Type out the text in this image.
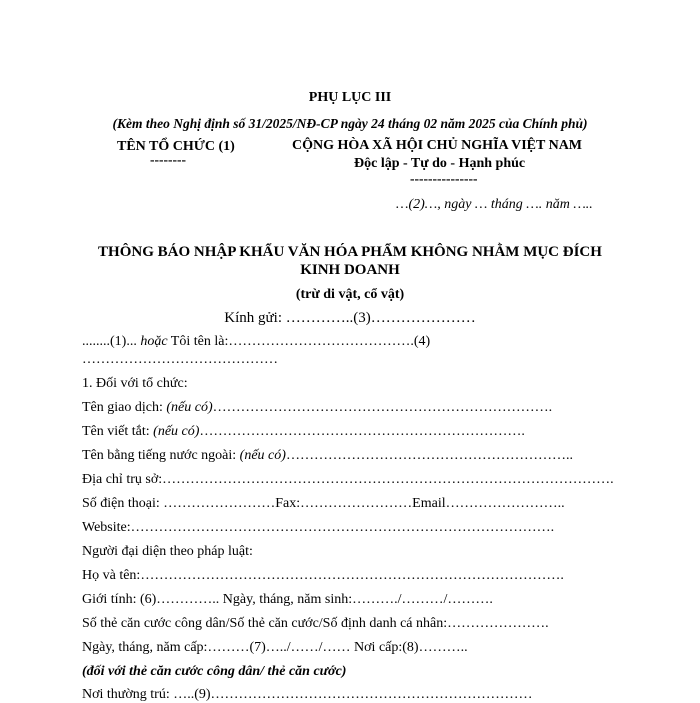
PHỤ LỤC III
(Kèm theo Nghị định số 31/2025/NĐ-CP ngày 24 tháng 02 năm 2025 của Chính phủ)
TÊN TỔ CHỨC (1)
--------
CỘNG HÒA XÃ HỘI CHỦ NGHĨA VIỆT NAM
Độc lập - Tự do - Hạnh phúc
---------------
…(2)…, ngày … tháng …. năm …..
THÔNG BÁO NHẬP KHẨU VĂN HÓA PHẨM KHÔNG NHẰM MỤC ĐÍCH
KINH DOANH
(trừ di vật, cổ vật)
Kính gửi: …………..(3)…………………
........(1)... hoặc Tôi tên là:………………………………….(4)
……………………………………
1. Đối với tổ chức:
Tên giao dịch: (nếu có)……………………………………………………………….
Tên viết tắt: (nếu có)…………………………………………………………….
Tên bằng tiếng nước ngoài: (nếu có)……………………………………………………..
Địa chỉ trụ sở:…………………………………………………………………………………….
Số điện thoại: ……………………Fax:……………………Email……………………..
Website:……………………………………………………………………………….
Người đại diện theo pháp luật:
Họ và tên:……………………………………………………………………………….
Giới tính: (6)………….. Ngày, tháng, năm sinh:………./………/……….
Số thẻ căn cước công dân/Số thẻ căn cước/Số định danh cá nhân:………………….
Ngày, tháng, năm cấp:………(7)…../……/…… Nơi cấp:(8)………..
(đối với thẻ căn cước công dân/ thẻ căn cước)
Nơi thường trú: …..(9)……………………………………………………………
